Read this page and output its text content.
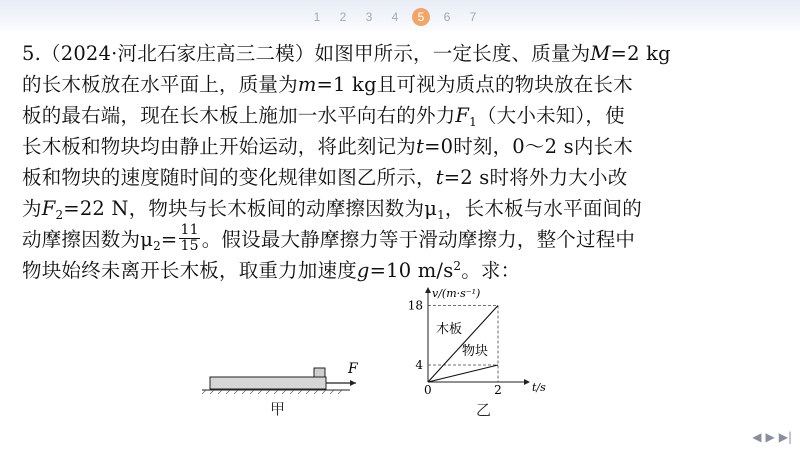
1	2	3	4	5	6	7
5.（2024·河北石家庄高三二模）如图甲所示，一定长度、质量为M=2 kg
的长木板放在水平面上，质量为m=1 kg且可视为质点的物块放在长木
板的最右端，现在长木板上施加一水平向右的外力$F_1$（大小未知），使
长木板和物块均由静止开始运动，将此刻记为t=0时刻，0～2 s内长木
板和物块的速度随时间的变化规律如图乙所示，t=2 s时将外力大小改
为$F_2=22$ N，物块与长木板间的动摩擦因数为$\mu_1$，长木板与水平面间的
动摩擦因数为$\mu_2= \frac{11}{15}$ 。假设最大静摩擦力等于滑动摩擦力，整个过程中
物块始终未离开长木板，取重力加速度g=10 $m/s^2$。求：
F
甲
v/(m·s⁻¹)
t/s
0
18
4
2
木板
物块
乙
◀ ▶ ▶|
